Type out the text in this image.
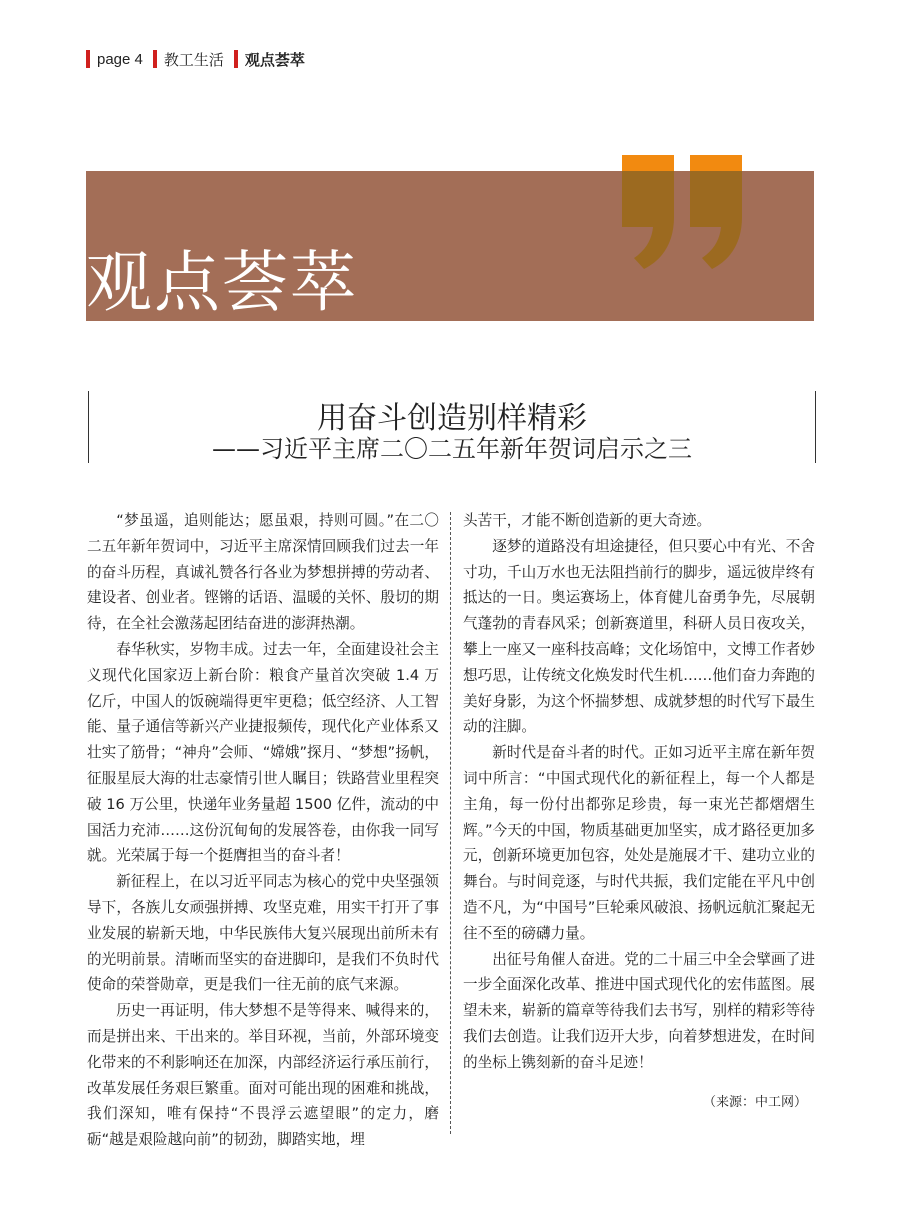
page 4 教工生活 观点荟萃
观点荟萃
用奋斗创造别样精彩
——习近平主席二〇二五年新年贺词启示之三

“梦虽遥，追则能达；愿虽艰，持则可圆。”在二〇二五年新年贺词中，习近平主席深情回顾我们过去一年的奋斗历程，真诚礼赞各行各业为梦想拼搏的劳动者、建设者、创业者。铿锵的话语、温暖的关怀、殷切的期待，在全社会激荡起团结奋进的澎湃热潮。

春华秋实，岁物丰成。过去一年，全面建设社会主义现代化国家迈上新台阶：粮食产量首次突破 1.4 万亿斤，中国人的饭碗端得更牢更稳；低空经济、人工智能、量子通信等新兴产业捷报频传，现代化产业体系又壮实了筋骨；“神舟”会师、“嫦娥”探月、“梦想”扬帆，征服星辰大海的壮志豪情引世人瞩目；铁路营业里程突破 16 万公里，快递年业务量超 1500 亿件，流动的中国活力充沛……这份沉甸甸的发展答卷，由你我一同写就。光荣属于每一个挺膺担当的奋斗者！

新征程上，在以习近平同志为核心的党中央坚强领导下，各族儿女顽强拼搏、攻坚克难，用实干打开了事业发展的崭新天地，中华民族伟大复兴展现出前所未有的光明前景。清晰而坚实的奋进脚印，是我们不负时代使命的荣誉勋章，更是我们一往无前的底气来源。

历史一再证明，伟大梦想不是等得来、喊得来的，而是拼出来、干出来的。举目环视，当前，外部环境变化带来的不利影响还在加深，内部经济运行承压前行，改革发展任务艰巨繁重。面对可能出现的困难和挑战，我们深知，唯有保持“不畏浮云遮望眼”的定力，磨砺“越是艰险越向前”的韧劲，脚踏实地，埋

头苦干，才能不断创造新的更大奇迹。

逐梦的道路没有坦途捷径，但只要心中有光、不舍寸功，千山万水也无法阻挡前行的脚步，遥远彼岸终有抵达的一日。奥运赛场上，体育健儿奋勇争先，尽展朝气蓬勃的青春风采；创新赛道里，科研人员日夜攻关，攀上一座又一座科技高峰；文化场馆中，文博工作者妙想巧思，让传统文化焕发时代生机……他们奋力奔跑的美好身影，为这个怀揣梦想、成就梦想的时代写下最生动的注脚。

新时代是奋斗者的时代。正如习近平主席在新年贺词中所言：“中国式现代化的新征程上，每一个人都是主角，每一份付出都弥足珍贵，每一束光芒都熠熠生辉。”今天的中国，物质基础更加坚实，成才路径更加多元，创新环境更加包容，处处是施展才干、建功立业的舞台。与时间竞逐，与时代共振，我们定能在平凡中创造不凡，为“中国号”巨轮乘风破浪、扬帆远航汇聚起无往不至的磅礴力量。

出征号角催人奋进。党的二十届三中全会擘画了进一步全面深化改革、推进中国式现代化的宏伟蓝图。展望未来，崭新的篇章等待我们去书写，别样的精彩等待我们去创造。让我们迈开大步，向着梦想进发，在时间的坐标上镌刻新的奋斗足迹！

（来源：中工网）
